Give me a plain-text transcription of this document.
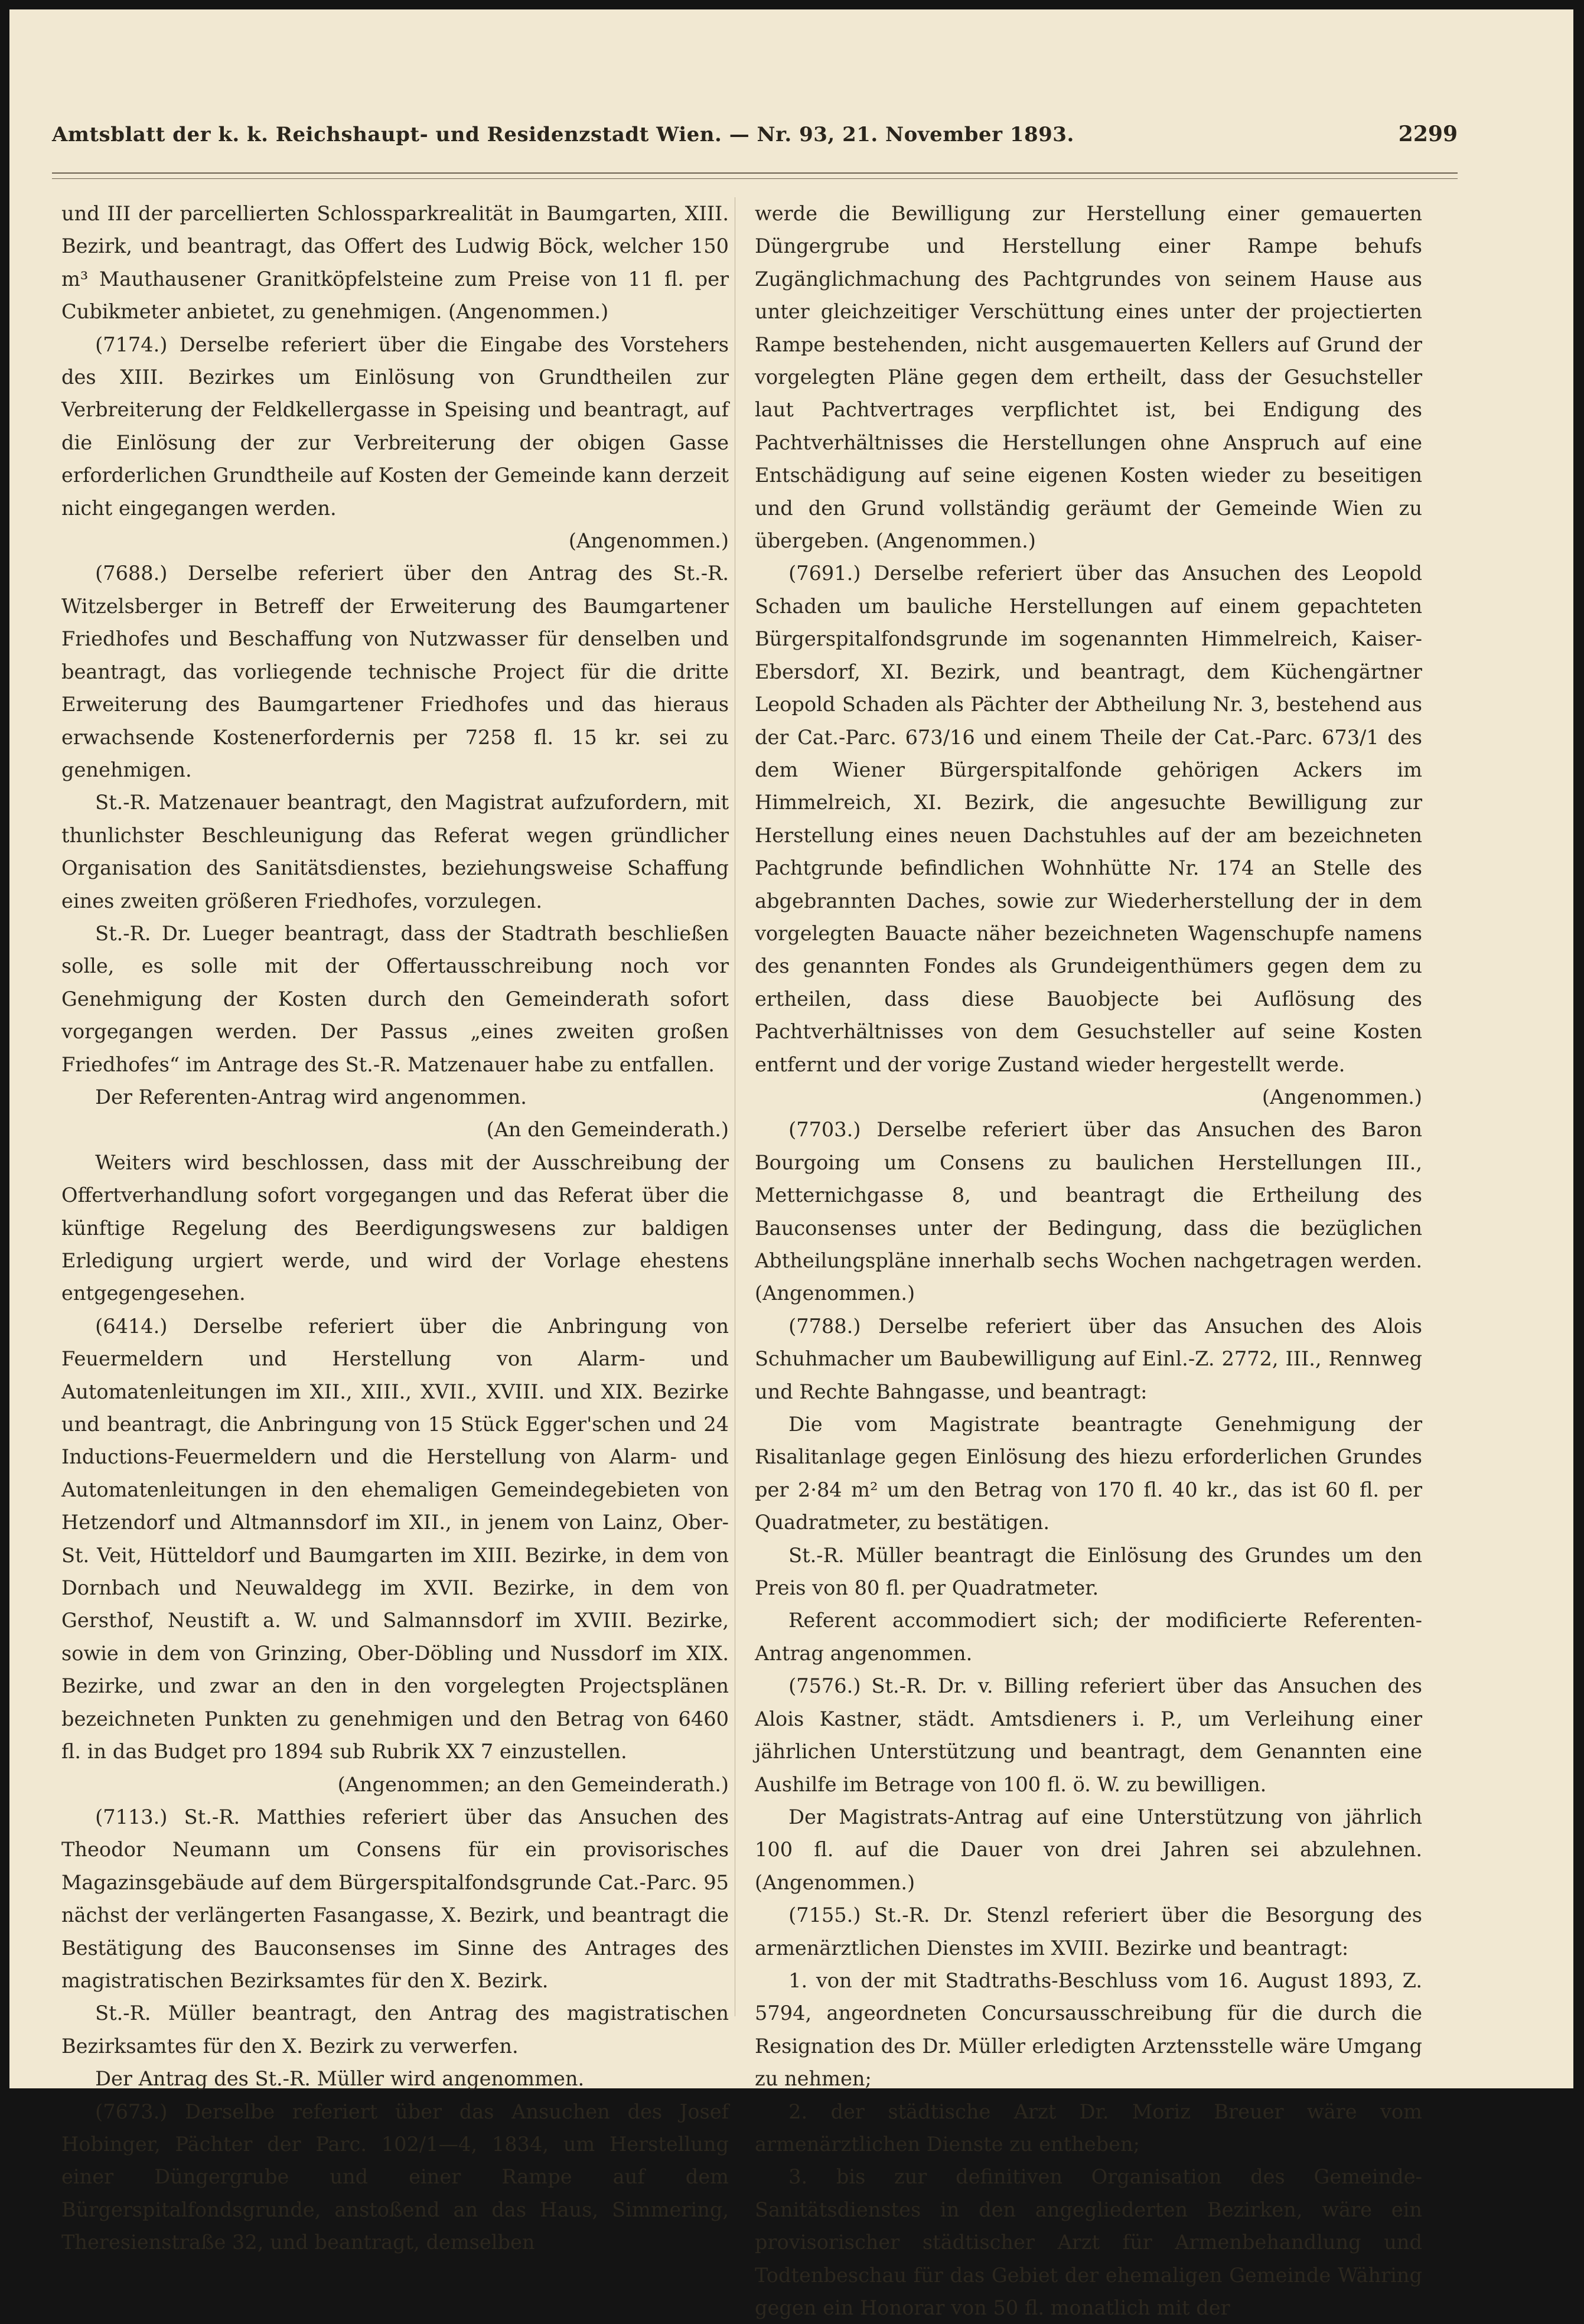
Amtsblatt der k. k. Reichshaupt- und Residenzstadt Wien. — Nr. 93, 21. November 1893.	2299

und III der parcellierten Schlossparkrealität in Baumgarten, XIII. Bezirk, und beantragt, das Offert des Ludwig Böck, welcher 150 m³ Mauthausener Granitköpfelsteine zum Preise von 11 fl. per Cubikmeter anbietet, zu genehmigen. (Angenommen.)

(7174.) Derselbe referiert über die Eingabe des Vorstehers des XIII. Bezirkes um Einlösung von Grundtheilen zur Verbreiterung der Feldkellergasse in Speising und beantragt, auf die Einlösung der zur Verbreiterung der obigen Gasse erforderlichen Grundtheile auf Kosten der Gemeinde kann derzeit nicht eingegangen werden.

(Angenommen.)

(7688.) Derselbe referiert über den Antrag des St.-R. Witzelsberger in Betreff der Erweiterung des Baumgartener Friedhofes und Beschaffung von Nutzwasser für denselben und beantragt, das vorliegende technische Project für die dritte Erweiterung des Baumgartener Friedhofes und das hieraus erwachsende Kostenerfordernis per 7258 fl. 15 kr. sei zu genehmigen.

St.-R. Matzenauer beantragt, den Magistrat aufzufordern, mit thunlichster Beschleunigung das Referat wegen gründlicher Organisation des Sanitätsdienstes, beziehungsweise Schaffung eines zweiten größeren Friedhofes, vorzulegen.

St.-R. Dr. Lueger beantragt, dass der Stadtrath beschließen solle, es solle mit der Offertausschreibung noch vor Genehmigung der Kosten durch den Gemeinderath sofort vorgegangen werden. Der Passus „eines zweiten großen Friedhofes“ im Antrage des St.-R. Matzenauer habe zu entfallen.

Der Referenten-Antrag wird angenommen.

(An den Gemeinderath.)

Weiters wird beschlossen, dass mit der Ausschreibung der Offertverhandlung sofort vorgegangen und das Referat über die künftige Regelung des Beerdigungswesens zur baldigen Erledigung urgiert werde, und wird der Vorlage ehestens entgegengesehen.

(6414.) Derselbe referiert über die Anbringung von Feuermeldern und Herstellung von Alarm- und Automatenleitungen im XII., XIII., XVII., XVIII. und XIX. Bezirke und beantragt, die Anbringung von 15 Stück Egger'schen und 24 Inductions-Feuermeldern und die Herstellung von Alarm- und Automatenleitungen in den ehemaligen Gemeindegebieten von Hetzendorf und Altmannsdorf im XII., in jenem von Lainz, Ober-St. Veit, Hütteldorf und Baumgarten im XIII. Bezirke, in dem von Dornbach und Neuwaldegg im XVII. Bezirke, in dem von Gersthof, Neustift a. W. und Salmannsdorf im XVIII. Bezirke, sowie in dem von Grinzing, Ober-Döbling und Nussdorf im XIX. Bezirke, und zwar an den in den vorgelegten Projectsplänen bezeichneten Punkten zu genehmigen und den Betrag von 6460 fl. in das Budget pro 1894 sub Rubrik XX 7 einzustellen.

(Angenommen; an den Gemeinderath.)

(7113.) St.-R. Matthies referiert über das Ansuchen des Theodor Neumann um Consens für ein provisorisches Magazinsgebäude auf dem Bürgerspitalfondsgrunde Cat.-Parc. 95 nächst der verlängerten Fasangasse, X. Bezirk, und beantragt die Bestätigung des Bauconsenses im Sinne des Antrages des magistratischen Bezirksamtes für den X. Bezirk.

St.-R. Müller beantragt, den Antrag des magistratischen Bezirksamtes für den X. Bezirk zu verwerfen.

Der Antrag des St.-R. Müller wird angenommen.

(7673.) Derselbe referiert über das Ansuchen des Josef Hobinger, Pächter der Parc. 102/1—4, 1834, um Herstellung einer Düngergrube und einer Rampe auf dem Bürgerspitalfondsgrunde, anstoßend an das Haus, Simmering, Theresienstraße 32, und beantragt, demselben

werde die Bewilligung zur Herstellung einer gemauerten Düngergrube und Herstellung einer Rampe behufs Zugänglichmachung des Pachtgrundes von seinem Hause aus unter gleichzeitiger Verschüttung eines unter der projectierten Rampe bestehenden, nicht ausgemauerten Kellers auf Grund der vorgelegten Pläne gegen dem ertheilt, dass der Gesuchsteller laut Pachtvertrages verpflichtet ist, bei Endigung des Pachtverhältnisses die Herstellungen ohne Anspruch auf eine Entschädigung auf seine eigenen Kosten wieder zu beseitigen und den Grund vollständig geräumt der Gemeinde Wien zu übergeben. (Angenommen.)

(7691.) Derselbe referiert über das Ansuchen des Leopold Schaden um bauliche Herstellungen auf einem gepachteten Bürgerspitalfondsgrunde im sogenannten Himmelreich, Kaiser-Ebersdorf, XI. Bezirk, und beantragt, dem Küchengärtner Leopold Schaden als Pächter der Abtheilung Nr. 3, bestehend aus der Cat.-Parc. 673/16 und einem Theile der Cat.-Parc. 673/1 des dem Wiener Bürgerspitalfonde gehörigen Ackers im Himmelreich, XI. Bezirk, die angesuchte Bewilligung zur Herstellung eines neuen Dachstuhles auf der am bezeichneten Pachtgrunde befindlichen Wohnhütte Nr. 174 an Stelle des abgebrannten Daches, sowie zur Wiederherstellung der in dem vorgelegten Bauacte näher bezeichneten Wagenschupfe namens des genannten Fondes als Grundeigenthümers gegen dem zu ertheilen, dass diese Bauobjecte bei Auflösung des Pachtverhältnisses von dem Gesuchsteller auf seine Kosten entfernt und der vorige Zustand wieder hergestellt werde.

(Angenommen.)

(7703.) Derselbe referiert über das Ansuchen des Baron Bourgoing um Consens zu baulichen Herstellungen III., Metternichgasse 8, und beantragt die Ertheilung des Bauconsenses unter der Bedingung, dass die bezüglichen Abtheilungspläne innerhalb sechs Wochen nachgetragen werden. (Angenommen.)

(7788.) Derselbe referiert über das Ansuchen des Alois Schuhmacher um Baubewilligung auf Einl.-Z. 2772, III., Rennweg und Rechte Bahngasse, und beantragt:

Die vom Magistrate beantragte Genehmigung der Risalitanlage gegen Einlösung des hiezu erforderlichen Grundes per 2·84 m² um den Betrag von 170 fl. 40 kr., das ist 60 fl. per Quadratmeter, zu bestätigen.

St.-R. Müller beantragt die Einlösung des Grundes um den Preis von 80 fl. per Quadratmeter.

Referent accommodiert sich; der modificierte Referenten-Antrag angenommen.

(7576.) St.-R. Dr. v. Billing referiert über das Ansuchen des Alois Kastner, städt. Amtsdieners i. P., um Verleihung einer jährlichen Unterstützung und beantragt, dem Genannten eine Aushilfe im Betrage von 100 fl. ö. W. zu bewilligen.

Der Magistrats-Antrag auf eine Unterstützung von jährlich 100 fl. auf die Dauer von drei Jahren sei abzulehnen. (Angenommen.)

(7155.) St.-R. Dr. Stenzl referiert über die Besorgung des armenärztlichen Dienstes im XVIII. Bezirke und beantragt:

1. von der mit Stadtraths-Beschluss vom 16. August 1893, Z. 5794, angeordneten Concursausschreibung für die durch die Resignation des Dr. Müller erledigten Arztensstelle wäre Umgang zu nehmen;

2. der städtische Arzt Dr. Moriz Breuer wäre vom armenärztlichen Dienste zu entheben;

3. bis zur definitiven Organisation des Gemeinde-Sanitätsdienstes in den angegliederten Bezirken, wäre ein provisorischer städtischer Arzt für Armenbehandlung und Todtenbeschau für das Gebiet der ehemaligen Gemeinde Währing gegen ein Honorar von 50 fl. monatlich mit der
